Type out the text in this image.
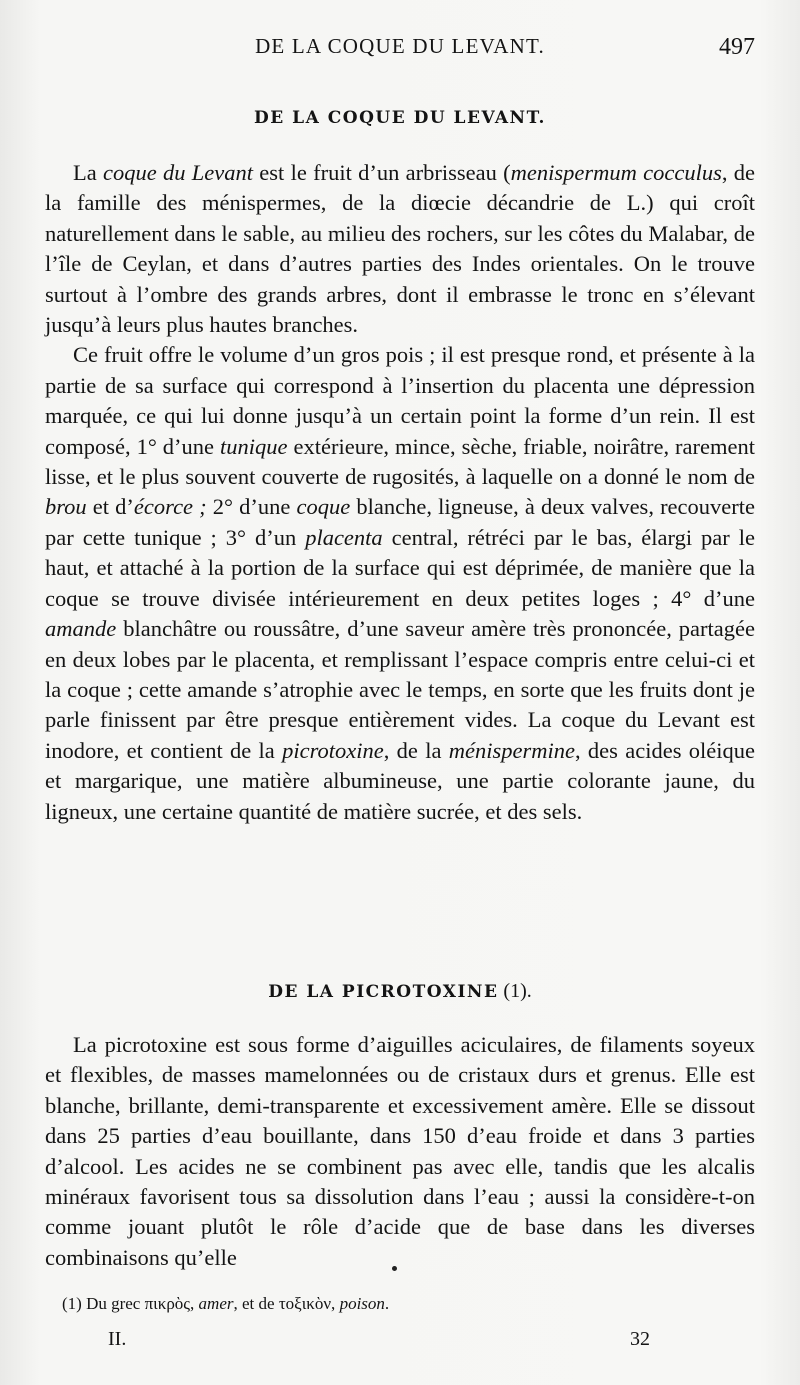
DE LA COQUE DU LEVANT.	497
DE LA COQUE DU LEVANT.

La coque du Levant est le fruit d’un arbrisseau (menispermum cocculus, de la famille des ménispermes, de la diœcie décandrie de L.) qui croît naturellement dans le sable, au milieu des rochers, sur les côtes du Malabar, de l’île de Ceylan, et dans d’autres parties des Indes orientales. On le trouve surtout à l’ombre des grands arbres, dont il embrasse le tronc en s’élevant jusqu’à leurs plus hautes branches.

Ce fruit offre le volume d’un gros pois ; il est presque rond, et présente à la partie de sa surface qui correspond à l’insertion du placenta une dépression marquée, ce qui lui donne jusqu’à un certain point la forme d’un rein. Il est composé, 1° d’une tunique extérieure, mince, sèche, friable, noirâtre, rarement lisse, et le plus souvent couverte de rugosités, à laquelle on a donné le nom de brou et d’écorce ; 2° d’une coque blanche, ligneuse, à deux valves, recouverte par cette tunique ; 3° d’un placenta central, rétréci par le bas, élargi par le haut, et attaché à la portion de la surface qui est déprimée, de manière que la coque se trouve divisée intérieurement en deux petites loges ; 4° d’une amande blanchâtre ou roussâtre, d’une saveur amère très prononcée, partagée en deux lobes par le placenta, et remplissant l’espace compris entre celui-ci et la coque ; cette amande s’atrophie avec le temps, en sorte que les fruits dont je parle finissent par être presque entièrement vides. La coque du Levant est inodore, et contient de la picrotoxine, de la ménispermine, des acides oléique et margarique, une matière albumineuse, une partie colorante jaune, du ligneux, une certaine quantité de matière sucrée, et des sels.

DE LA PICROTOXINE (1).

La picrotoxine est sous forme d’aiguilles aciculaires, de filaments soyeux et flexibles, de masses mamelonnées ou de cristaux durs et grenus. Elle est blanche, brillante, demi-transparente et excessivement amère. Elle se dissout dans 25 parties d’eau bouillante, dans 150 d’eau froide et dans 3 parties d’alcool. Les acides ne se combinent pas avec elle, tandis que les alcalis minéraux favorisent tous sa dissolution dans l’eau ; aussi la considère-t-on comme jouant plutôt le rôle d’acide que de base dans les diverses combinaisons qu’elle

(1) Du grec πικρὸς, amer, et de τοξικὸν, poison.
II.	32
